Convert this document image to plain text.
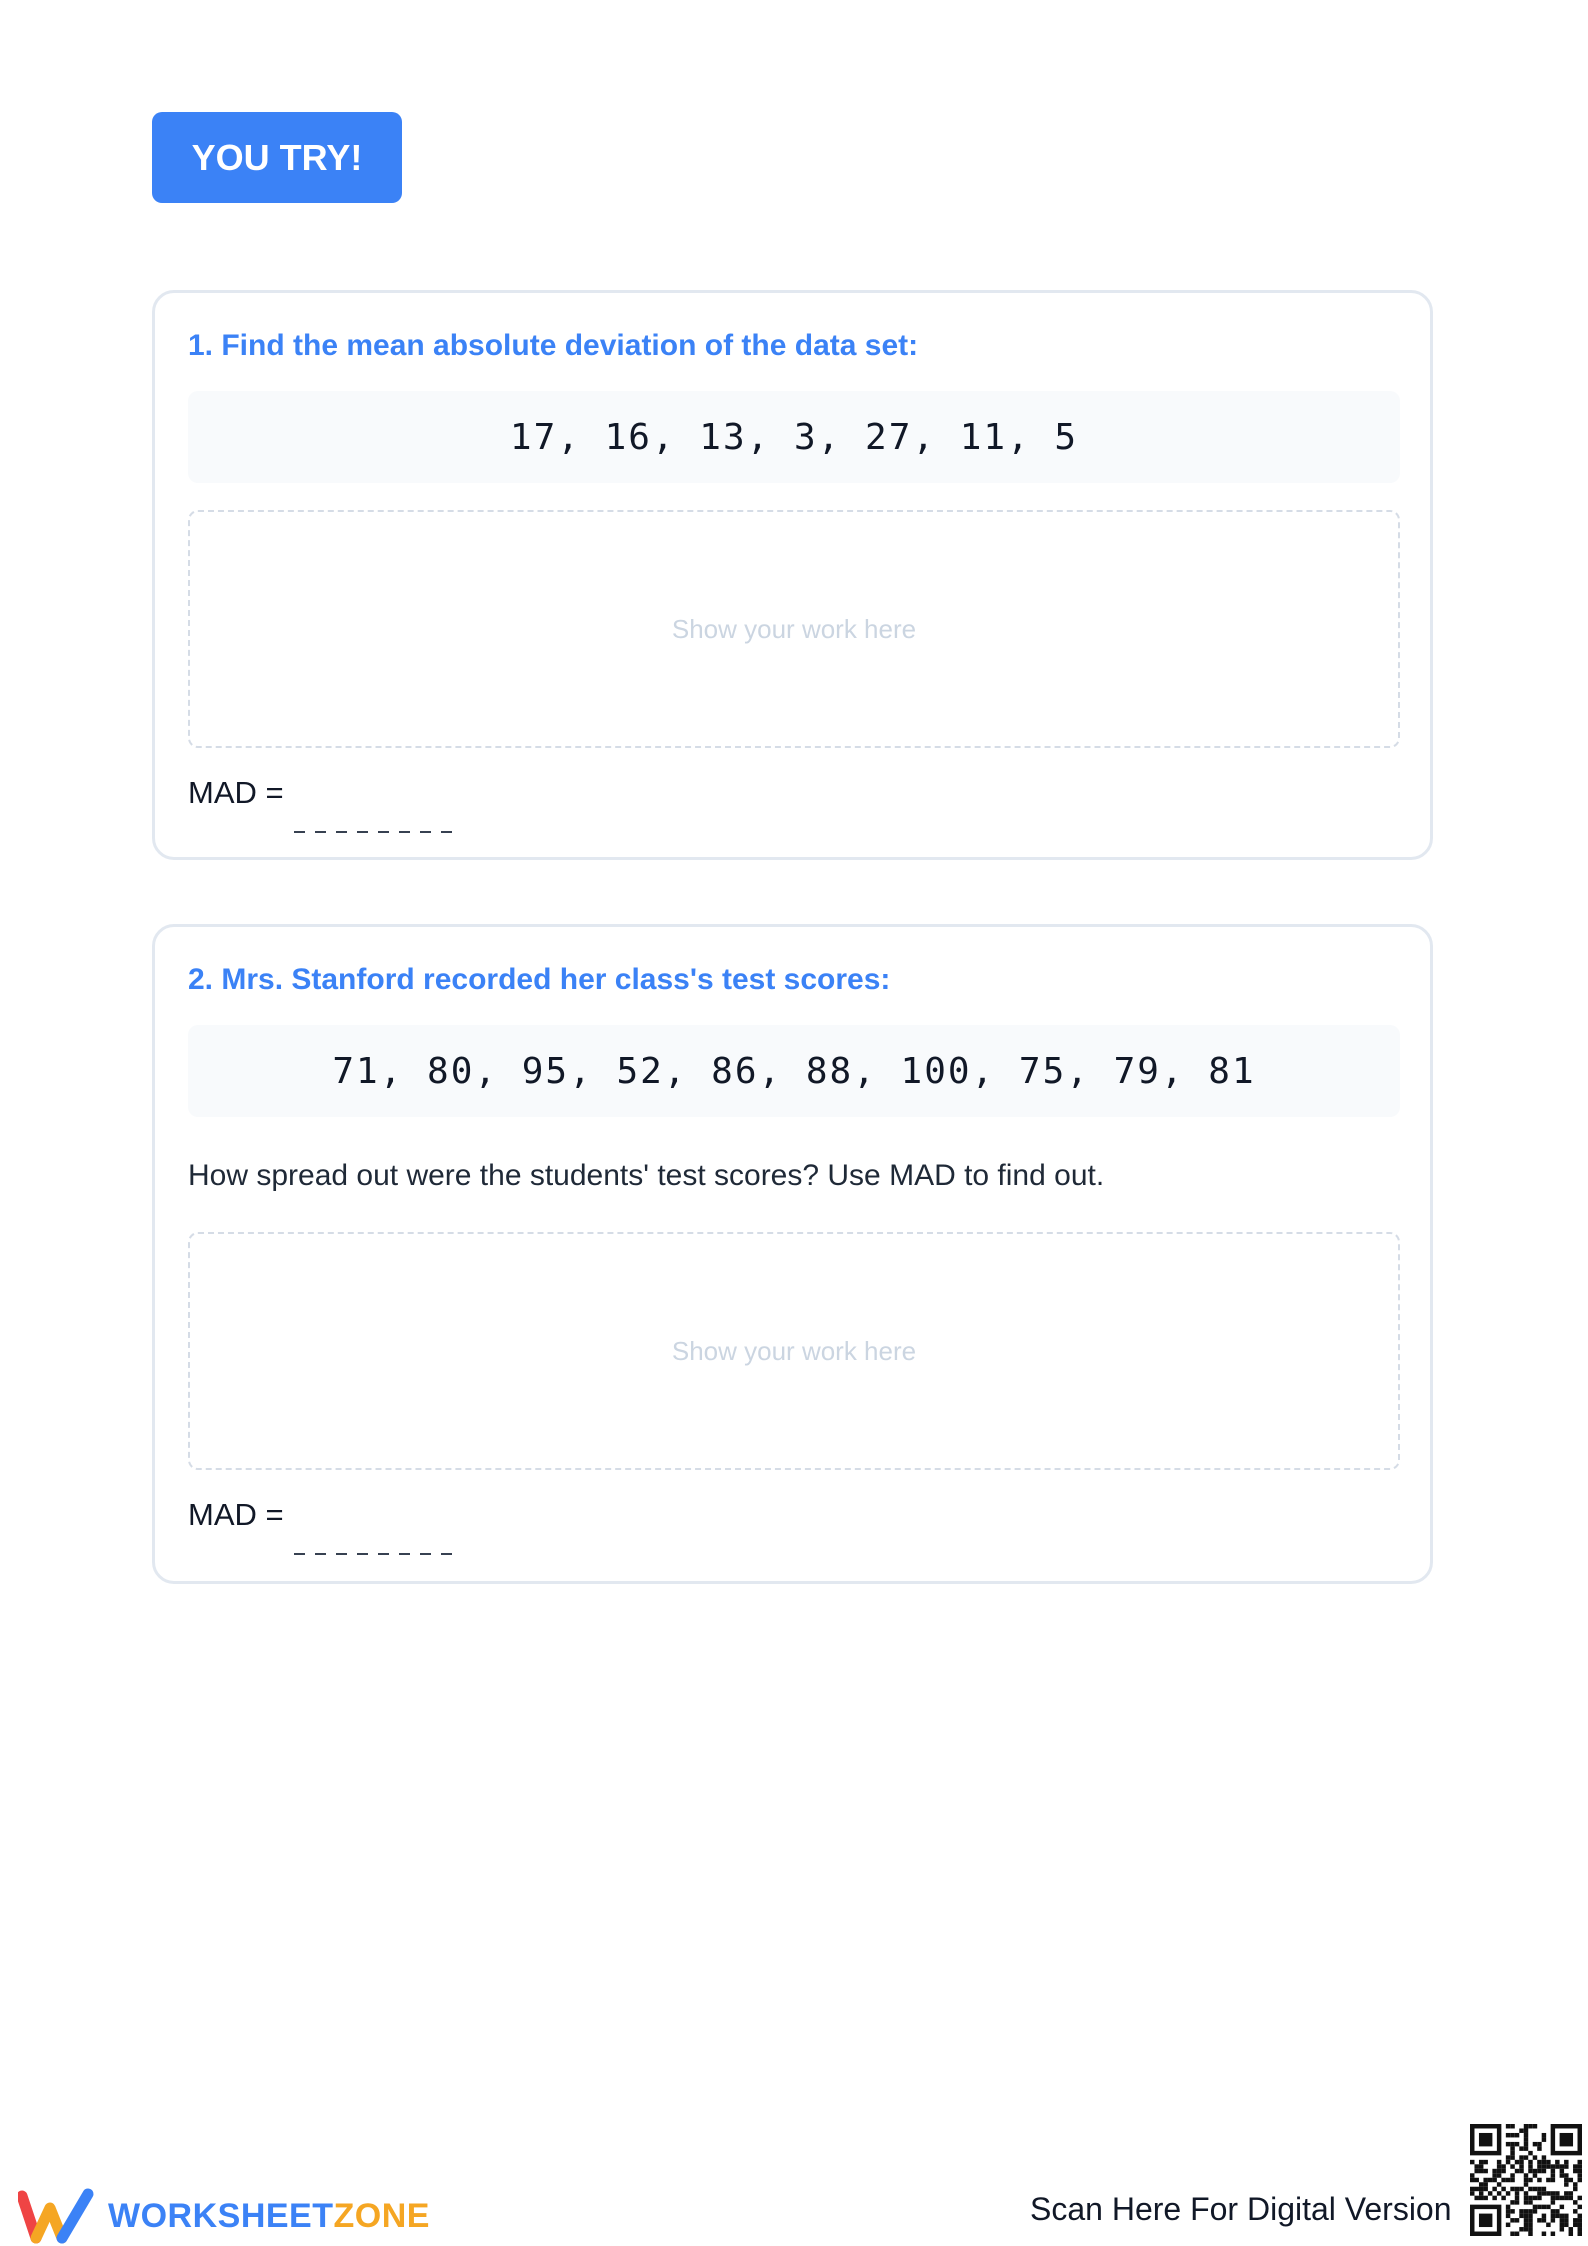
YOU TRY!
1. Find the mean absolute deviation of the data set:
17, 16, 13, 3, 27, 11, 5
Show your work here
MAD =
2. Mrs. Stanford recorded her class's test scores:
71, 80, 95, 52, 86, 88, 100, 75, 79, 81
How spread out were the students' test scores? Use MAD to find out.
Show your work here
MAD =
WORKSHEETZONE	Scan Here For Digital Version
